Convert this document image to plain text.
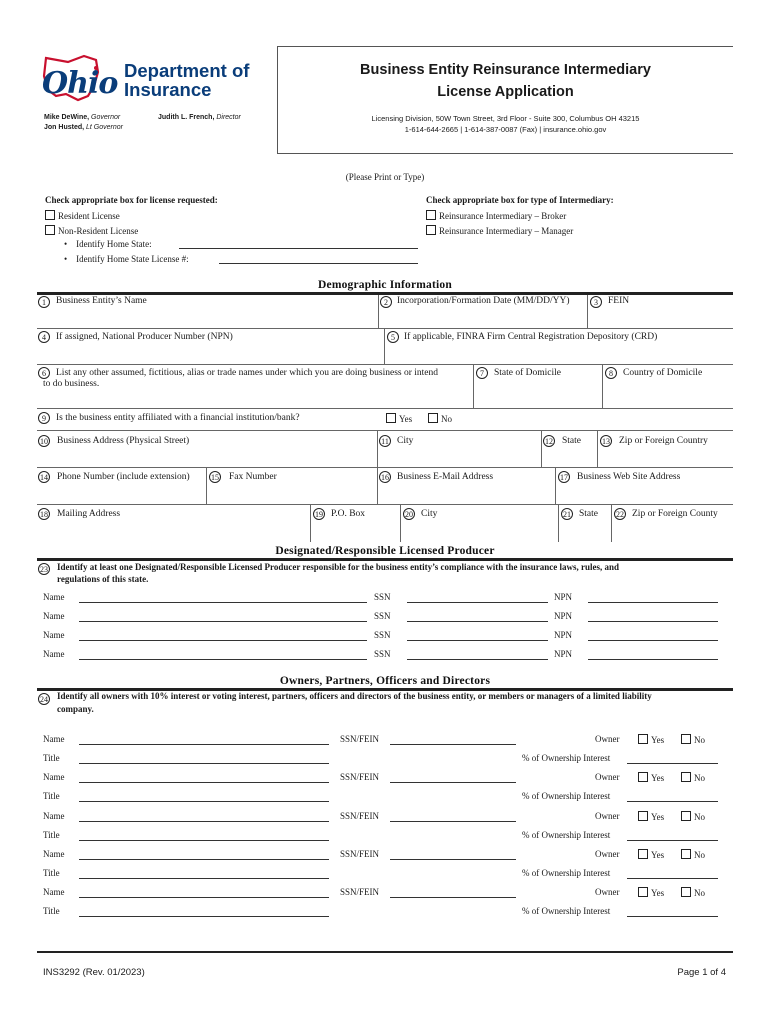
Ohio Department of
Insurance
Mike DeWine, Governor
Jon Husted, Lt Governor
Judith L. French, Director
Business Entity Reinsurance Intermediary
License Application
Licensing Division, 50W Town Street, 3rd Floor - Suite 300, Columbus OH 43215
1-614-644-2665 | 1-614-387-0087 (Fax) | insurance.ohio.gov
(Please Print or Type)
Check appropriate box for license requested:
Resident License
Non-Resident License
•    Identify Home State:
•    Identify Home State License #:
Check appropriate box for type of Intermediary:
Reinsurance Intermediary – Broker
Reinsurance Intermediary – Manager
Demographic Information
1	Business Entity’s Name	2 Incorporation/Formation Date (MM/DD/YY)	3	FEIN
4	If assigned, National Producer Number (NPN)	5 If applicable, FINRA Firm Central Registration Depository (CRD)
6	List any other assumed, fictitious, alias or trade names under which you are doing business or intend
to do business.
7	State of Domicile	8	Country of Domicile
9	Is the business entity affiliated with a financial institution/bank?	Yes	No
10 Business Address (Physical Street)	11 City	12 State	13 Zip or Foreign Country
14 Phone Number (include extension)	15 Fax Number	16 Business E-Mail Address	17 Business Web Site Address
18 Mailing Address	19 P.O. Box	20 City	21 State 22 Zip or Foreign County
Designated/Responsible Licensed Producer
23 Identify at least one Designated/Responsible Licensed Producer responsible for the business entity’s compliance with the insurance laws, rules, and
regulations of this state.
Name	SSN	NPN
Name	SSN	NPN
Name	SSN	NPN
Name	SSN	NPN
Owners, Partners, Officers and Directors
24 Identify all owners with 10% interest or voting interest, partners, officers and directors of the business entity, or members or managers of a limited liability
company.
Name	SSN/FEIN	Owner	Yes	No
Title	% of Ownership Interest
Name	SSN/FEIN	Owner	Yes	No
Title	% of Ownership Interest
Name	SSN/FEIN	Owner	Yes	No
Title	% of Ownership Interest
Name	SSN/FEIN	Owner	Yes	No
Title	% of Ownership Interest
Name	SSN/FEIN	Owner	Yes	No
Title	% of Ownership Interest
INS3292 (Rev. 01/2023)	Page 1 of 4
